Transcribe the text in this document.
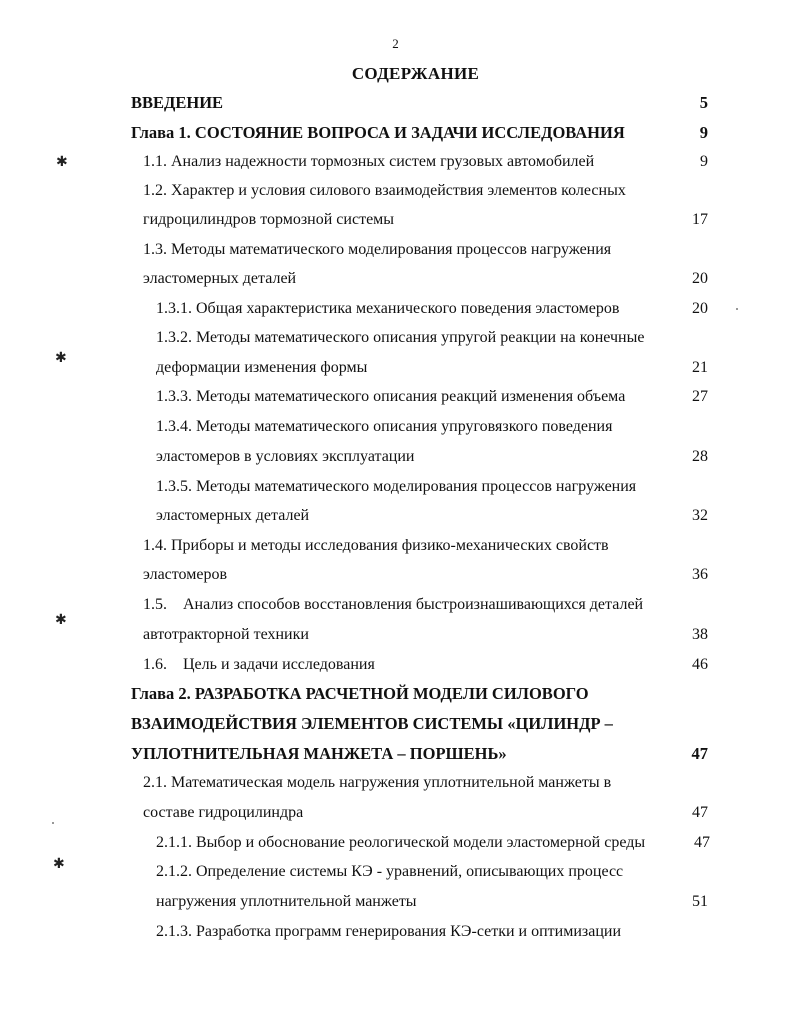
2
СОДЕРЖАНИЕ
ВВЕДЕНИЕ	5
Глава 1. СОСТОЯНИЕ ВОПРОСА И ЗАДАЧИ ИССЛЕДОВАНИЯ	9
1.1. Анализ надежности тормозных систем грузовых автомобилей	9
1.2. Характер и условия силового взаимодействия элементов колесных
гидроцилиндров тормозной системы	17
1.3. Методы математического моделирования процессов нагружения
эластомерных деталей	20
1.3.1. Общая характеристика механического поведения эластомеров	20
1.3.2. Методы математического описания упругой реакции на конечные
деформации изменения формы	21
1.3.3. Методы математического описания реакций изменения объема	27
1.3.4. Методы математического описания упруговязкого поведения
эластомеров в условиях эксплуатации	28
1.3.5. Методы математического моделирования процессов нагружения
эластомерных деталей	32
1.4. Приборы и методы исследования физико-механических свойств
эластомеров	36
1.5.    Анализ способов восстановления быстроизнашивающихся деталей
автотракторной техники	38
1.6.    Цель и задачи исследования	46
Глава 2. РАЗРАБОТКА РАСЧЕТНОЙ МОДЕЛИ СИЛОВОГО
ВЗАИМОДЕЙСТВИЯ ЭЛЕМЕНТОВ СИСТЕМЫ «ЦИЛИНДР –
УПЛОТНИТЕЛЬНАЯ МАНЖЕТА – ПОРШЕНЬ»	47
2.1. Математическая модель нагружения уплотнительной манжеты в
составе гидроцилиндра	47
2.1.1. Выбор и обоснование реологической модели эластомерной среды	47
2.1.2. Определение системы КЭ - уравнений, описывающих процесс
нагружения уплотнительной манжеты	51
2.1.3. Разработка программ генерирования КЭ-сетки и оптимизации
✱
✱
✱
✱
